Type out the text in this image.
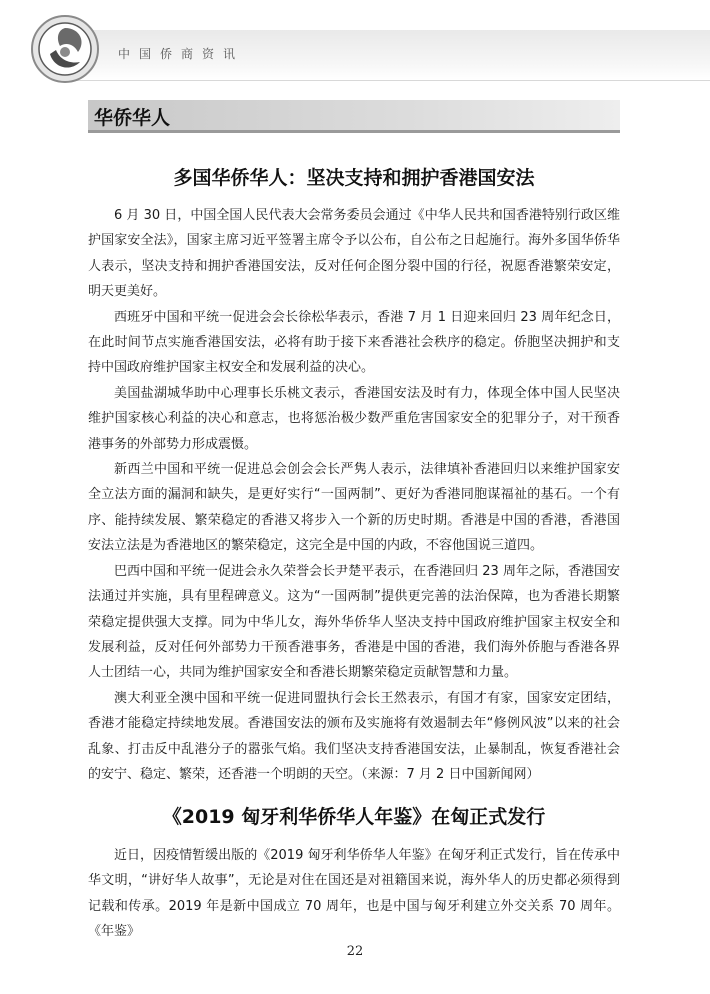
中国侨商资讯
华侨华人
多国华侨华人：坚决支持和拥护香港国安法

6 月 30 日，中国全国人民代表大会常务委员会通过《中华人民共和国香港特别行政区维护国家安全法》，国家主席习近平签署主席令予以公布，自公布之日起施行。海外多国华侨华人表示，坚决支持和拥护香港国安法，反对任何企图分裂中国的行径，祝愿香港繁荣安定，明天更美好。

西班牙中国和平统一促进会会长徐松华表示，香港 7 月 1 日迎来回归 23 周年纪念日，在此时间节点实施香港国安法，必将有助于接下来香港社会秩序的稳定。侨胞坚决拥护和支持中国政府维护国家主权安全和发展利益的决心。

美国盐湖城华助中心理事长乐桃文表示，香港国安法及时有力，体现全体中国人民坚决维护国家核心利益的决心和意志，也将惩治极少数严重危害国家安全的犯罪分子，对干预香港事务的外部势力形成震慑。

新西兰中国和平统一促进总会创会会长严隽人表示，法律填补香港回归以来维护国家安全立法方面的漏洞和缺失，是更好实行“一国两制”、更好为香港同胞谋福祉的基石。一个有序、能持续发展、繁荣稳定的香港又将步入一个新的历史时期。香港是中国的香港，香港国安法立法是为香港地区的繁荣稳定，这完全是中国的内政，不容他国说三道四。

巴西中国和平统一促进会永久荣誉会长尹楚平表示，在香港回归 23 周年之际，香港国安法通过并实施，具有里程碑意义。这为“一国两制”提供更完善的法治保障，也为香港长期繁荣稳定提供强大支撑。同为中华儿女，海外华侨华人坚决支持中国政府维护国家主权安全和发展利益，反对任何外部势力干预香港事务，香港是中国的香港，我们海外侨胞与香港各界人士团结一心，共同为维护国家安全和香港长期繁荣稳定贡献智慧和力量。

澳大利亚全澳中国和平统一促进同盟执行会长王然表示，有国才有家，国家安定团结，香港才能稳定持续地发展。香港国安法的颁布及实施将有效遏制去年“修例风波”以来的社会乱象、打击反中乱港分子的嚣张气焰。我们坚决支持香港国安法，止暴制乱，恢复香港社会的安宁、稳定、繁荣，还香港一个明朗的天空。（来源：7 月 2 日中国新闻网）

《2019 匈牙利华侨华人年鉴》在匈正式发行

近日，因疫情暂缓出版的《2019 匈牙利华侨华人年鉴》在匈牙利正式发行，旨在传承中华文明，“讲好华人故事”，无论是对住在国还是对祖籍国来说，海外华人的历史都必须得到记载和传承。2019 年是新中国成立 70 周年，也是中国与匈牙利建立外交关系 70 周年。《年鉴》

22
